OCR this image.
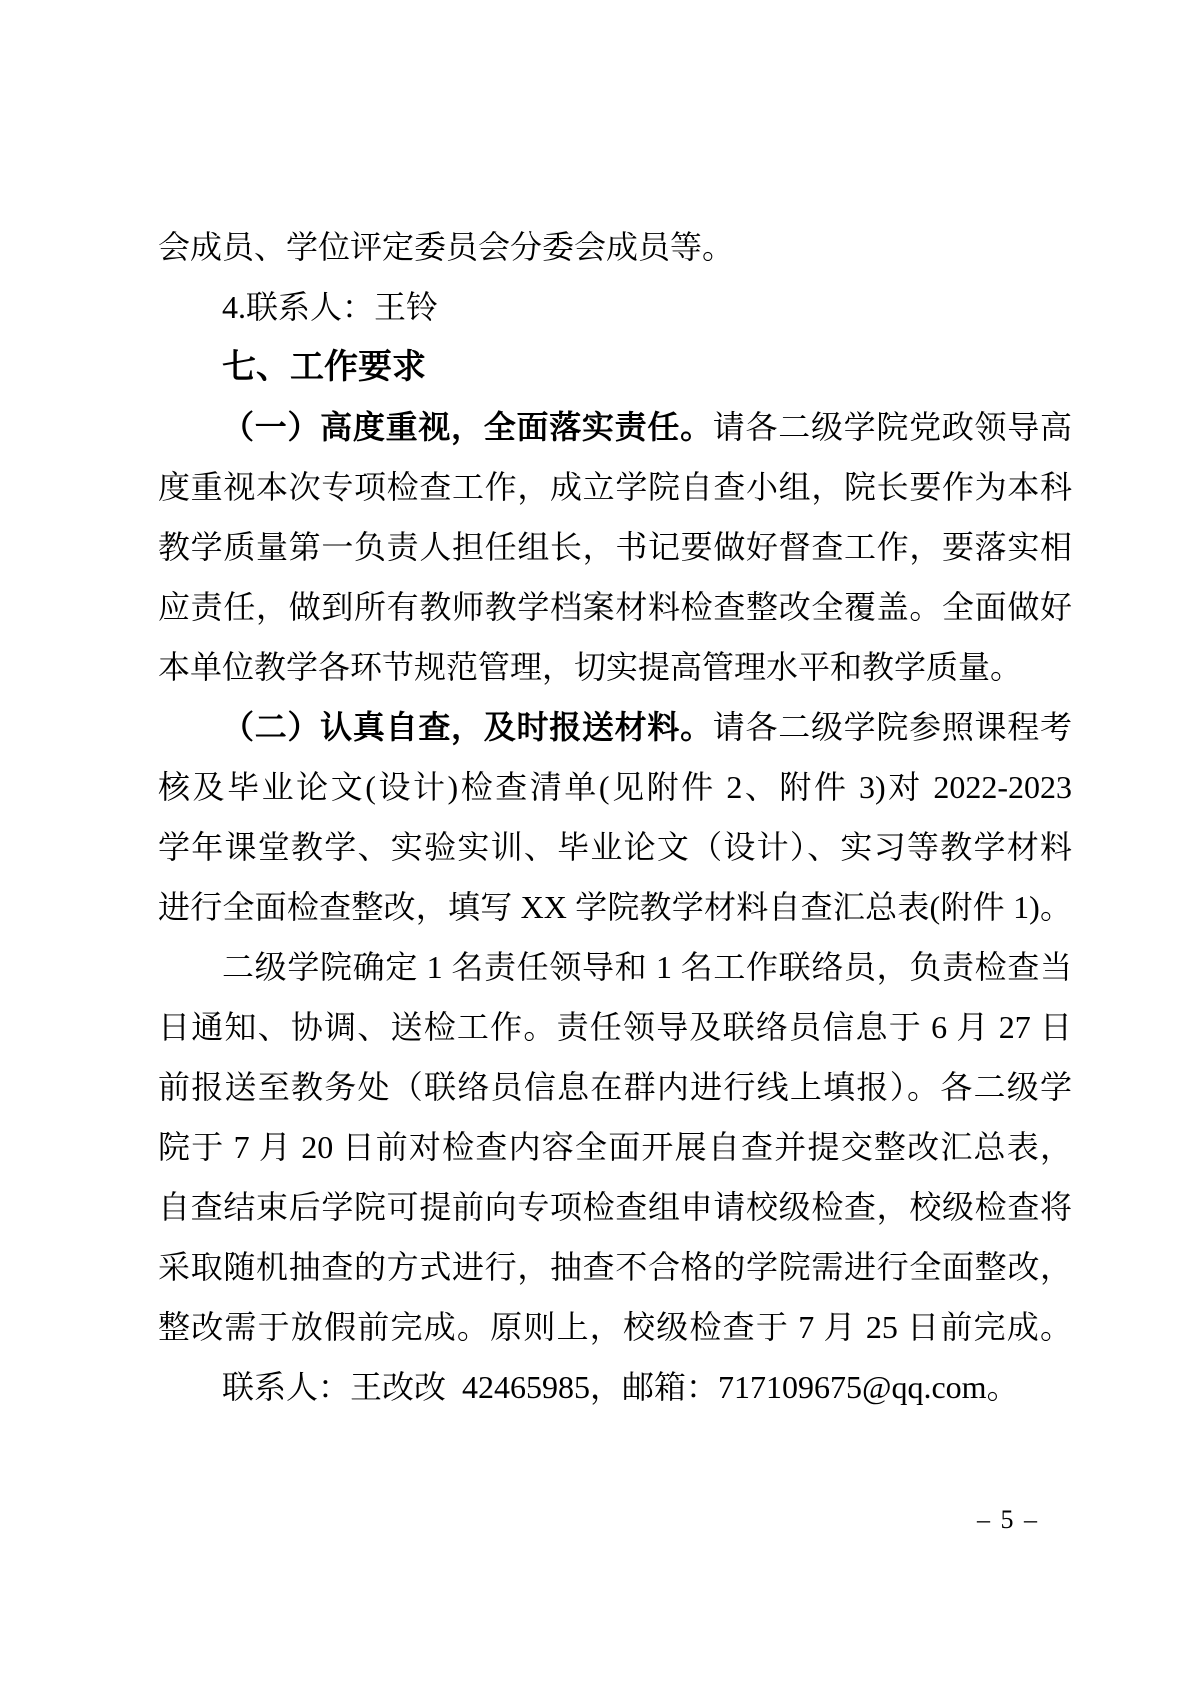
会成员、学位评定委员会分委会成员等。
4.联系人：王铃
七、工作要求
（一）高度重视，全面落实责任。请各二级学院党政领导高
度重视本次专项检查工作，成立学院自查小组，院长要作为本科
教学质量第一负责人担任组长，书记要做好督查工作，要落实相
应责任，做到所有教师教学档案材料检查整改全覆盖。全面做好
本单位教学各环节规范管理，切实提高管理水平和教学质量。
（二）认真自查，及时报送材料。请各二级学院参照课程考
核及毕业论文(设计)检查清单(见附件 2、附件 3)对 2022-2023
学年课堂教学、实验实训、毕业论文（设计）、实习等教学材料
进行全面检查整改，填写 XX 学院教学材料自查汇总表(附件 1)。
二级学院确定 1 名责任领导和 1 名工作联络员，负责检查当
日通知、协调、送检工作。责任领导及联络员信息于 6 月 27 日
前报送至教务处（联络员信息在群内进行线上填报）。各二级学
院于 7 月 20 日前对检查内容全面开展自查并提交整改汇总表，
自查结束后学院可提前向专项检查组申请校级检查，校级检查将
采取随机抽查的方式进行，抽查不合格的学院需进行全面整改，
整改需于放假前完成。原则上，校级检查于 7 月 25 日前完成。
联系人：王改改  42465985，邮箱：717109675@qq.com。
– 5 –
